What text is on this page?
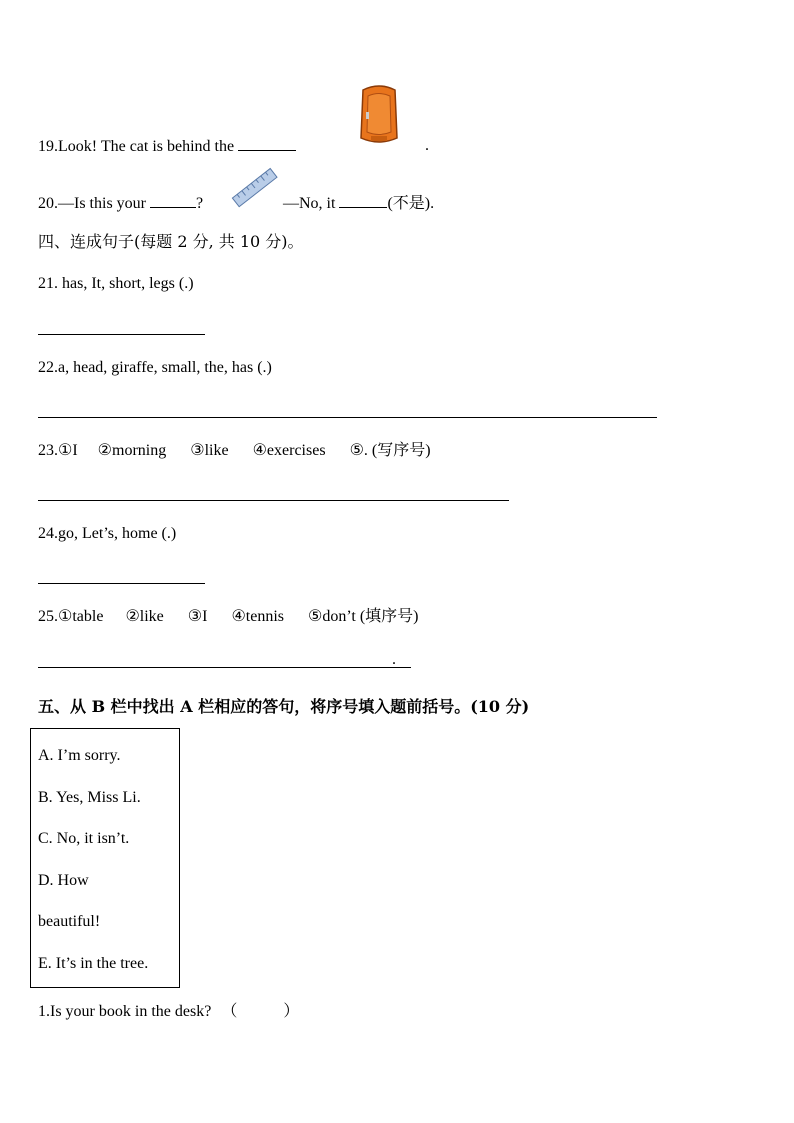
19.Look! The cat is behind the	.
20.—Is this your	?	—No, it	(不是).
四、连成句子(每题 2 分, 共 10 分)。
21. has, It, short, legs (.)
22.a, head, giraffe, small, the, has (.)
23.①I ②morning ③like ④exercises ⑤. (写序号)
24.go, Let’s, home (.)
25.①table ②like ③I ④tennis ⑤don’t (填序号)
.
五、从 B 栏中找出 A 栏相应的答句，将序号填入题前括号。(10 分)
A. I’m sorry.
B. Yes, Miss Li.
C. No, it isn’t.
D. How
beautiful!
E. It’s in the tree.
1.Is your book in the desk? （	）
